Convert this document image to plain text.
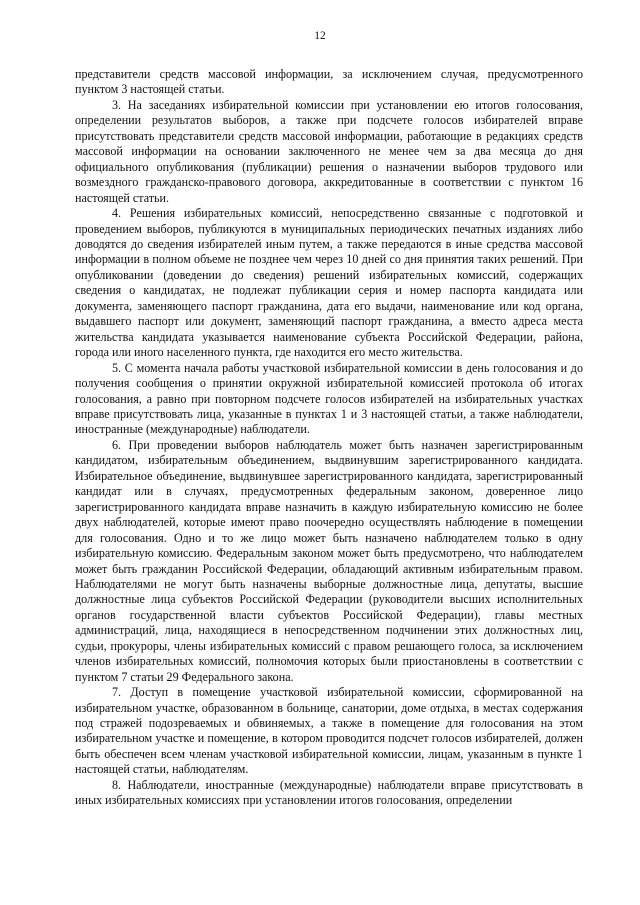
12

представители средств массовой информации, за исключением случая, предусмотренного пунктом 3 настоящей статьи.

3. На заседаниях избирательной комиссии при установлении ею итогов голосования, определении результатов выборов, а также при подсчете голосов избирателей вправе присутствовать представители средств массовой информации, работающие в редакциях средств массовой информации на основании заключенного не менее чем за два месяца до дня официального опубликования (публикации) решения о назначении выборов трудового или возмездного гражданско-правового договора, аккредитованные в соответствии с пунктом 16 настоящей статьи.

4. Решения избирательных комиссий, непосредственно связанные с подготовкой и проведением выборов, публикуются в муниципальных периодических печатных изданиях либо доводятся до сведения избирателей иным путем, а также передаются в иные средства массовой информации в полном объеме не позднее чем через 10 дней со дня принятия таких решений. При опубликовании (доведении до сведения) решений избирательных комиссий, содержащих сведения о кандидатах, не подлежат публикации серия и номер паспорта кандидата или документа, заменяющего паспорт гражданина, дата его выдачи, наименование или код органа, выдавшего паспорт или документ, заменяющий паспорт гражданина, а вместо адреса места жительства кандидата указывается наименование субъекта Российской Федерации, района, города или иного населенного пункта, где находится его место жительства.

5. С момента начала работы участковой избирательной комиссии в день голосования и до получения сообщения о принятии окружной избирательной комиссией протокола об итогах голосования, а равно при повторном подсчете голосов избирателей на избирательных участках вправе присутствовать лица, указанные в пунктах 1 и 3 настоящей статьи, а также наблюдатели, иностранные (международные) наблюдатели.

6. При проведении выборов наблюдатель может быть назначен зарегистрированным кандидатом, избирательным объединением, выдвинувшим зарегистрированного кандидата. Избирательное объединение, выдвинувшее зарегистрированного кандидата, зарегистрированный кандидат или в случаях, предусмотренных федеральным законом, доверенное лицо зарегистрированного кандидата вправе назначить в каждую избирательную комиссию не более двух наблюдателей, которые имеют право поочередно осуществлять наблюдение в помещении для голосования. Одно и то же лицо может быть назначено наблюдателем только в одну избирательную комиссию. Федеральным законом может быть предусмотрено, что наблюдателем может быть гражданин Российской Федерации, обладающий активным избирательным правом. Наблюдателями не могут быть назначены выборные должностные лица, депутаты, высшие должностные лица субъектов Российской Федерации (руководители высших исполнительных органов государственной власти субъектов Российской Федерации), главы местных администраций, лица, находящиеся в непосредственном подчинении этих должностных лиц, судьи, прокуроры, члены избирательных комиссий с правом решающего голоса, за исключением членов избирательных комиссий, полномочия которых были приостановлены в соответствии с пунктом 7 статьи 29 Федерального закона.

7. Доступ в помещение участковой избирательной комиссии, сформированной на избирательном участке, образованном в больнице, санатории, доме отдыха, в местах содержания под стражей подозреваемых и обвиняемых, а также в помещение для голосования на этом избирательном участке и помещение, в котором проводится подсчет голосов избирателей, должен быть обеспечен всем членам участковой избирательной комиссии, лицам, указанным в пункте 1 настоящей статьи, наблюдателям.

8. Наблюдатели, иностранные (международные) наблюдатели вправе присутствовать в иных избирательных комиссиях при установлении итогов голосования, определении
